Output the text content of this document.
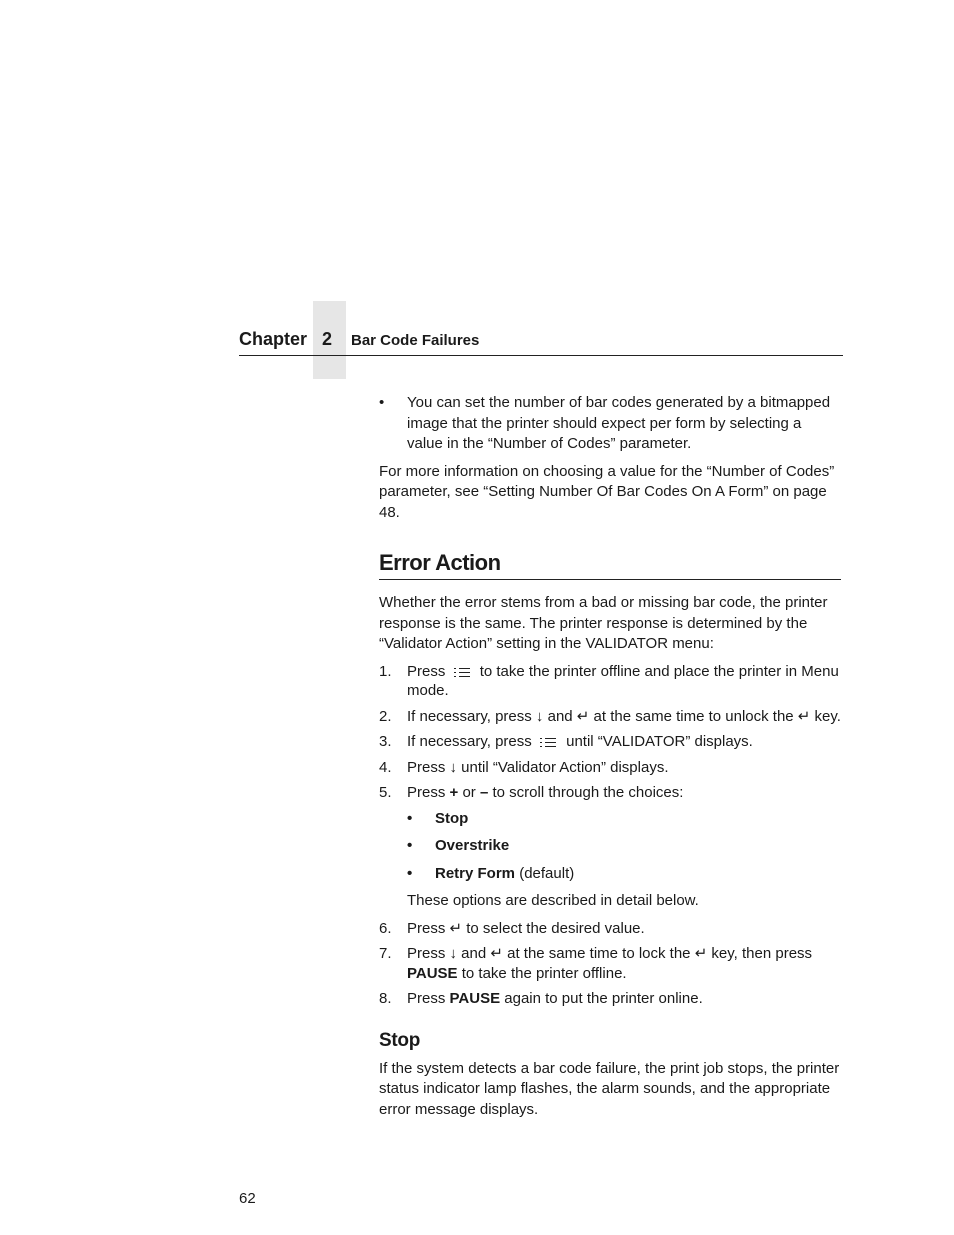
Chapter 2 Bar Code Failures
• You can set the number of bar codes generated by a bitmapped image that the printer should expect per form by selecting a value in the “Number of Codes” parameter.

For more information on choosing a value for the “Number of Codes” parameter, see “Setting Number Of Bar Codes On A Form” on page 48.

Error Action

Whether the error stems from a bad or missing bar code, the printer response is the same. The printer response is determined by the “Validator Action” setting in the VALIDATOR menu:

1. Press to take the printer offline and place the printer in Menu mode.
2. If necessary, press ↓ and ↵ at the same time to unlock the ↵ key.
3. If necessary, press until “VALIDATOR” displays.
4. Press ↓ until “Validator Action” displays.
5. Press + or – to scroll through the choices:
• Stop
• Overstrike
• Retry Form (default)

These options are described in detail below.

6. Press ↵ to select the desired value.
7. Press ↓ and ↵ at the same time to lock the ↵ key, then press PAUSE to take the printer offline.
8. Press PAUSE again to put the printer online.
Stop

If the system detects a bar code failure, the print job stops, the printer status indicator lamp flashes, the alarm sounds, and the appropriate error message displays.

62
